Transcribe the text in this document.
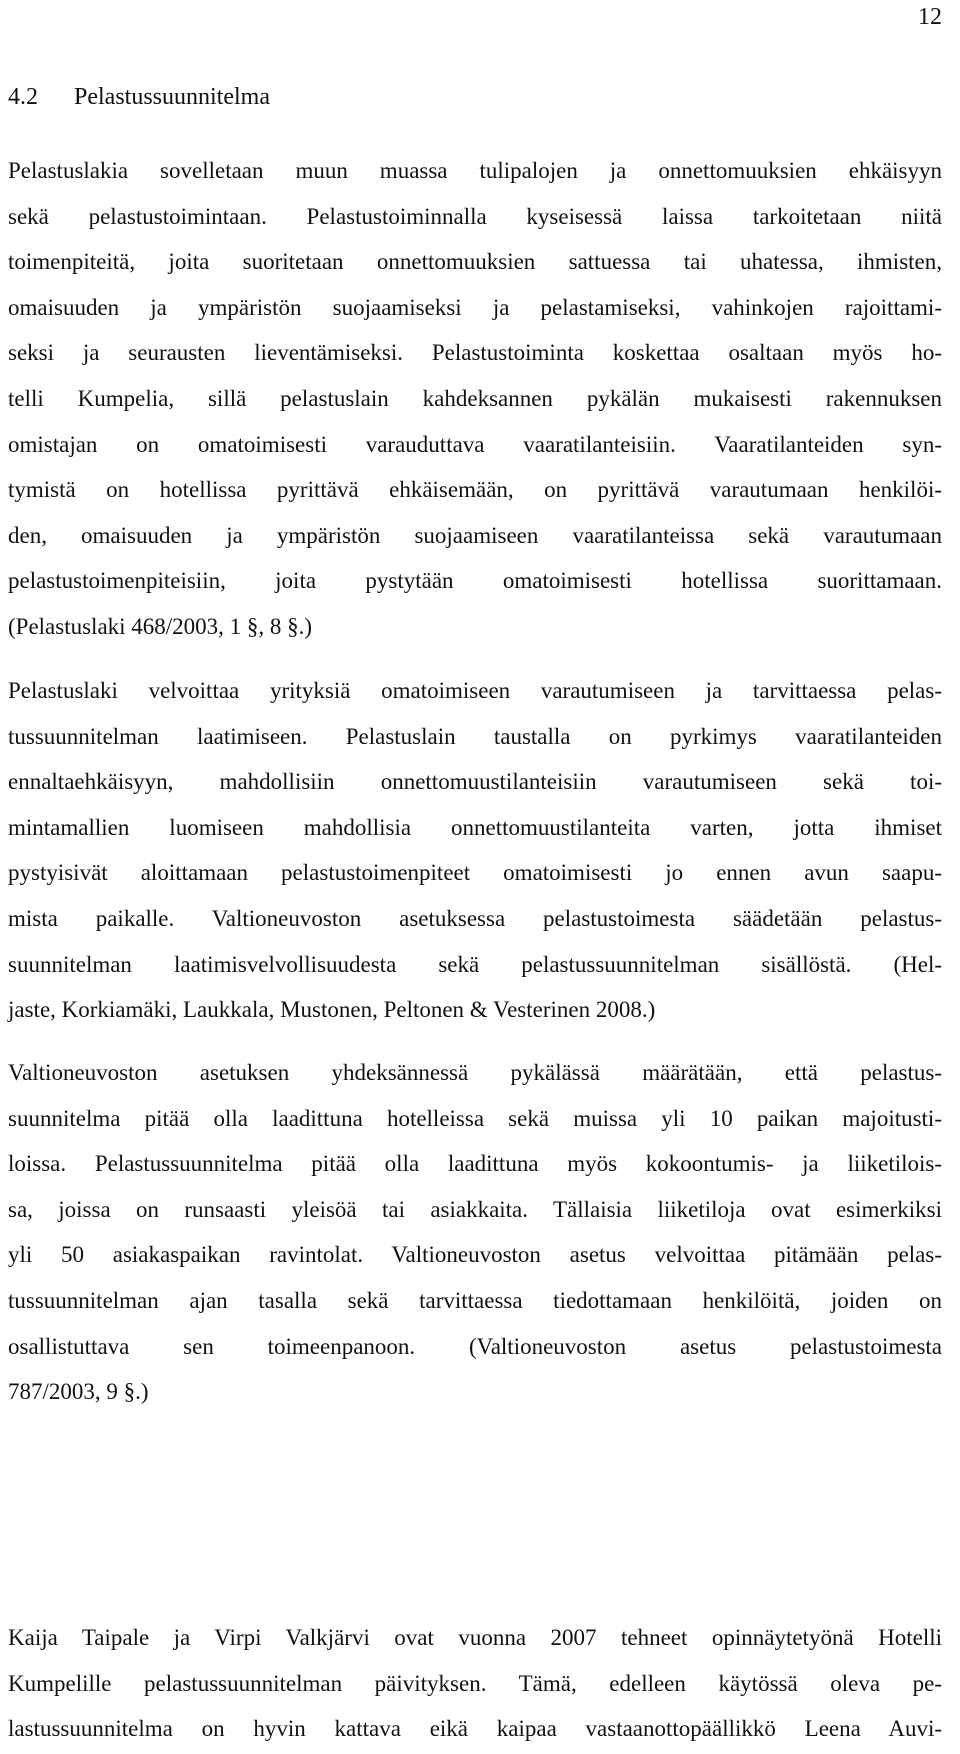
12
4.2 Pelastussuunnitelma
Pelastuslakia sovelletaan muun muassa tulipalojen ja onnettomuuksien ehkäisyyn
sekä pelastustoimintaan. Pelastustoiminnalla kyseisessä laissa tarkoitetaan niitä
toimenpiteitä, joita suoritetaan onnettomuuksien sattuessa tai uhatessa, ihmisten,
omaisuuden ja ympäristön suojaamiseksi ja pelastamiseksi, vahinkojen rajoittami-
seksi ja seurausten lieventämiseksi. Pelastustoiminta koskettaa osaltaan myös ho-
telli Kumpelia, sillä pelastuslain kahdeksannen pykälän mukaisesti rakennuksen
omistajan on omatoimisesti varauduttava vaaratilanteisiin. Vaaratilanteiden syn-
tymistä on hotellissa pyrittävä ehkäisemään, on pyrittävä varautumaan henkilöi-
den, omaisuuden ja ympäristön suojaamiseen vaaratilanteissa sekä varautumaan
pelastustoimenpiteisiin, joita pystytään omatoimisesti hotellissa suorittamaan.
(Pelastuslaki 468/2003, 1 §, 8 §.)
Pelastuslaki velvoittaa yrityksiä omatoimiseen varautumiseen ja tarvittaessa pelas-
tussuunnitelman laatimiseen. Pelastuslain taustalla on pyrkimys vaaratilanteiden
ennaltaehkäisyyn, mahdollisiin onnettomuustilanteisiin varautumiseen sekä toi-
mintamallien luomiseen mahdollisia onnettomuustilanteita varten, jotta ihmiset
pystyisivät aloittamaan pelastustoimenpiteet omatoimisesti jo ennen avun saapu-
mista paikalle. Valtioneuvoston asetuksessa pelastustoimesta säädetään pelastus-
suunnitelman laatimisvelvollisuudesta sekä pelastussuunnitelman sisällöstä. (Hel-
jaste, Korkiamäki, Laukkala, Mustonen, Peltonen & Vesterinen 2008.)
Valtioneuvoston asetuksen yhdeksännessä pykälässä määrätään, että pelastus-
suunnitelma pitää olla laadittuna hotelleissa sekä muissa yli 10 paikan majoitusti-
loissa. Pelastussuunnitelma pitää olla laadittuna myös kokoontumis- ja liiketilois-
sa, joissa on runsaasti yleisöä tai asiakkaita. Tällaisia liiketiloja ovat esimerkiksi
yli 50 asiakaspaikan ravintolat. Valtioneuvoston asetus velvoittaa pitämään pelas-
tussuunnitelman ajan tasalla sekä tarvittaessa tiedottamaan henkilöitä, joiden on
osallistuttava sen toimeenpanoon. (Valtioneuvoston asetus pelastustoimesta
787/2003, 9 §.)
Kaija Taipale ja Virpi Valkjärvi ovat vuonna 2007 tehneet opinnäytetyönä Hotelli
Kumpelille pelastussuunnitelman päivityksen. Tämä, edelleen käytössä oleva pe-
lastussuunnitelma on hyvin kattava eikä kaipaa vastaanottopäällikkö Leena Auvi-
